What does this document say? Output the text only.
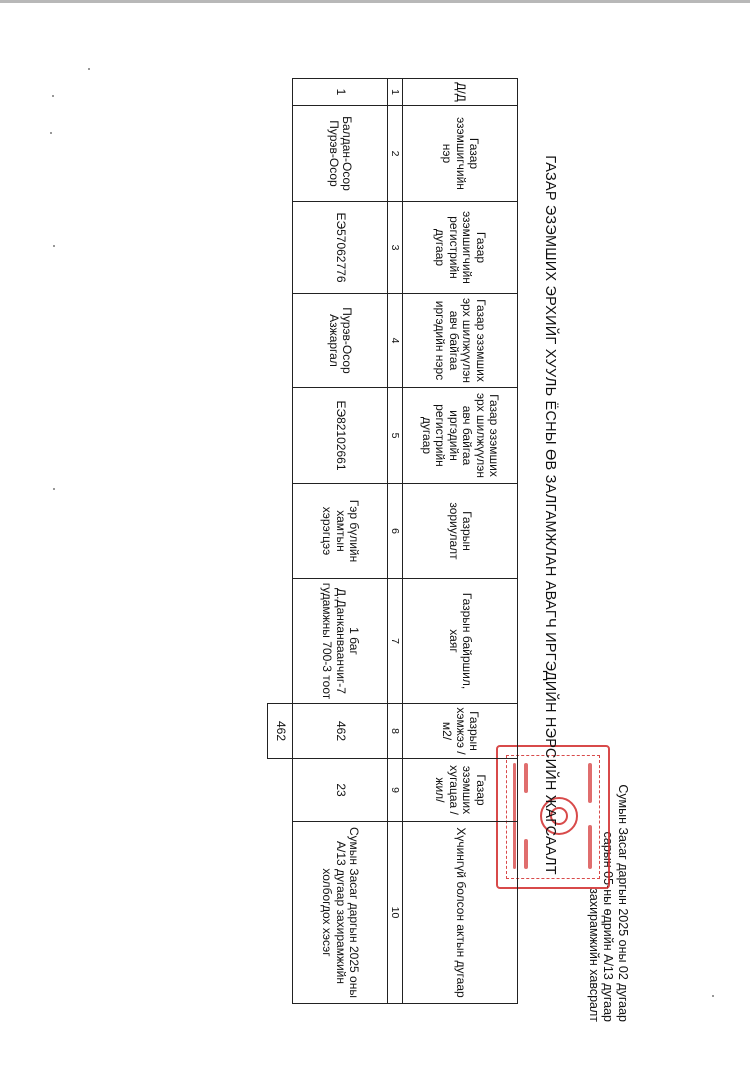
Сумын Засаг даргын 2025 оны 02 дугаар
сарын 05-ны өдрийн А/13 дугаар
захирамжийн хавсралт
ГАЗАР ЭЗЭМШИХ ЭРХИЙГ ХУУЛЬ ЁСНЫ ӨВ ЗАЛГАМЖЛАН АВАГЧ ИРГЭДИЙН НЭРСИЙН ЖАГСААЛТ
Д/Д	Газар эзэмшигчийн нэр	Газар эзэмшигчийн регистрийн дугаар	Газар эзэмших эрх шилжүүлэн авч байгаа иргэдийн нэрс	Газар эзэмших эрх шилжүүлэн авч байгаа иргэдийн регистрийн дугаар	Газрын зориулалт	Газрын байршил, хаяг	Газрын хэмжээ /м2/	Газар эзэмших хугацаа /жил/	Хүчингүй болсон актын дугаар
1	2	3	4	5	6	7	8	9	10
1	Балдан-Осор Пурэв-Осор	ЕЭ57062776	Пурэв-Осор Азжаргал	ЕЭ82102661	Гэр бүлийн хамтын хэрэгцээ	1 баг Д.Данканваанчиг-7 гудамжны 700-3 тоот	462	23	Сумын Засаг даргын 2025 оны А/13 дугаар захирамжийн холбогдох хэсэг
							462		
